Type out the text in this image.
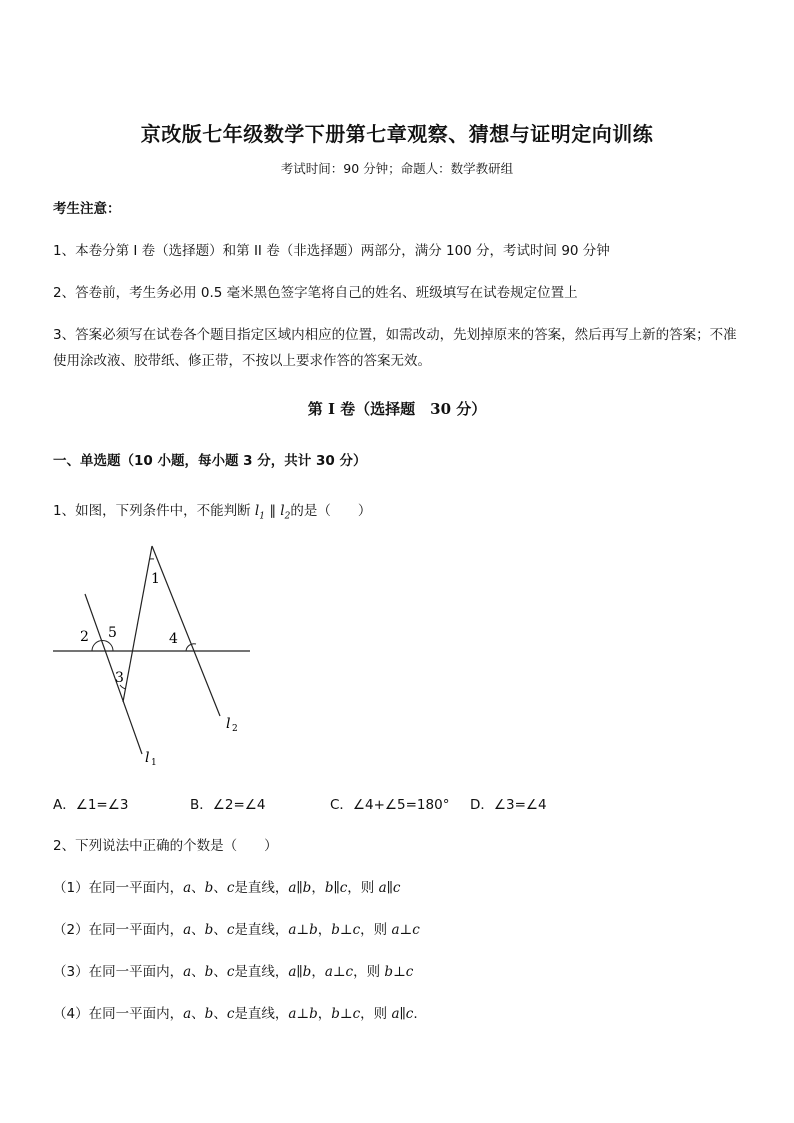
京改版七年级数学下册第七章观察、猜想与证明定向训练
考试时间：90 分钟；命题人：数学教研组
考生注意：
1、本卷分第 I 卷（选择题）和第 II 卷（非选择题）两部分，满分 100 分，考试时间 90 分钟
2、答卷前，考生务必用 0.5 毫米黑色签字笔将自己的姓名、班级填写在试卷规定位置上
3、答案必须写在试卷各个题目指定区域内相应的位置，如需改动，先划掉原来的答案，然后再写上新的答案；不准使用涂改液、胶带纸、修正带，不按以上要求作答的答案无效。
第 I 卷（选择题　30 分）
一、单选题（10 小题，每小题 3 分，共计 30 分）
1、如图，下列条件中，不能判断 $l_1$ ∥ $l_2$的是（　　）
1
2 5	4
3
l 2
l 1
A．∠1=∠3	B．∠2=∠4	C．∠4+∠5=180° D．∠3=∠4
2、下列说法中正确的个数是（　　）
（1）在同一平面内，a、b、c是直线，a∥b，b∥c，则 a∥c
（2）在同一平面内，a、b、c是直线，a⊥b，b⊥c，则 a⊥c
（3）在同一平面内，a、b、c是直线，a∥b，a⊥c，则 b⊥c
（4）在同一平面内，a、b、c是直线，a⊥b，b⊥c，则 a∥c.
